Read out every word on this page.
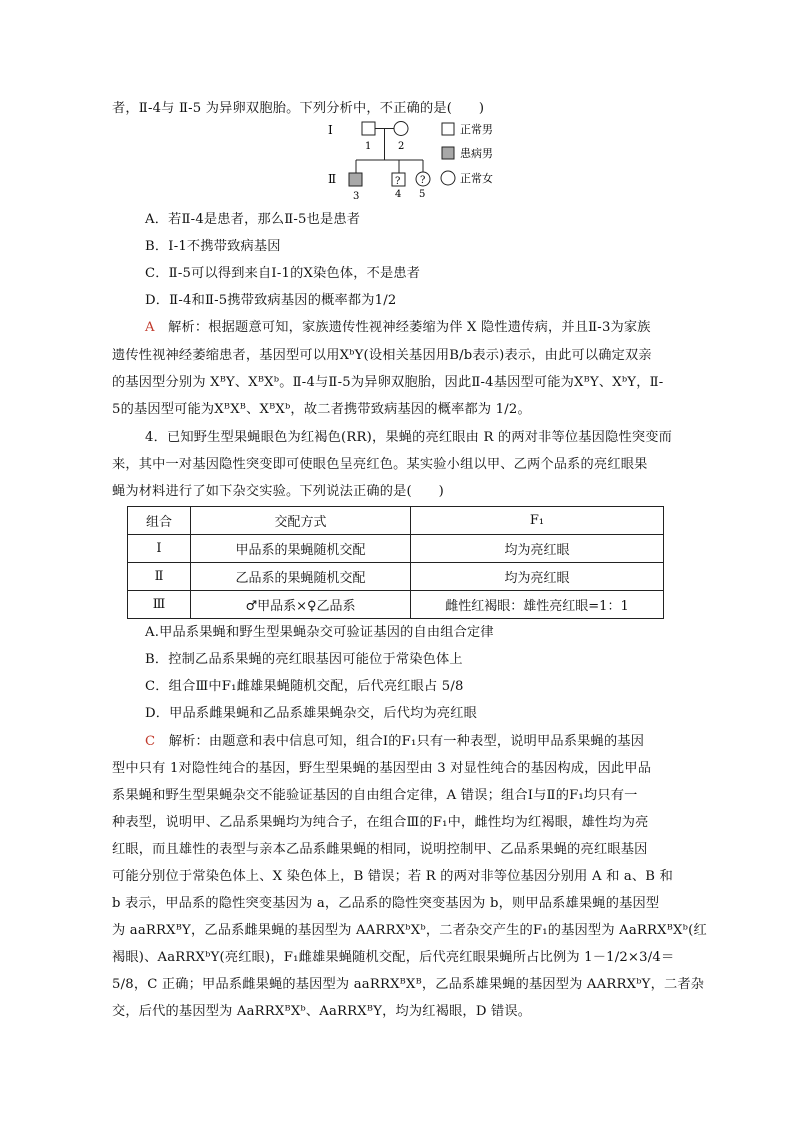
者，Ⅱ-4与 Ⅱ-5 为异卵双胞胎。下列分析中，不正确的是(　　)
Ⅰ
Ⅱ
1	2
? ?
3	4 5
正常男
患病男
正常女
A．若Ⅱ-4是患者，那么Ⅱ-5也是患者
B．Ⅰ-1不携带致病基因
C．Ⅱ-5可以得到来自Ⅰ-1的X染色体，不是患者
D．Ⅱ-4和Ⅱ-5携带致病基因的概率都为1/2
A　 解析：根据题意可知，家族遗传性视神经萎缩为伴 X 隐性遗传病，并且Ⅱ-3为家族
遗传性视神经萎缩患者，基因型可以用XᵇY(设相关基因用B/b表示)表示，由此可以确定双亲
的基因型分别为 XᴮY、XᴮXᵇ。Ⅱ-4与Ⅱ-5为异卵双胞胎，因此Ⅱ-4基因型可能为XᴮY、XᵇY，Ⅱ-
5的基因型可能为XᴮXᴮ、XᴮXᵇ，故二者携带致病基因的概率都为 1/2。
4．已知野生型果蝇眼色为红褐色(RR)，果蝇的亮红眼由 R 的两对非等位基因隐性突变而
来，其中一对基因隐性突变即可使眼色呈亮红色。某实验小组以甲、乙两个品系的亮红眼果
蝇为材料进行了如下杂交实验。下列说法正确的是(　　)
组合	交配方式	F₁
Ⅰ	甲品系的果蝇随机交配	均为亮红眼
Ⅱ	乙品系的果蝇随机交配	均为亮红眼
Ⅲ	♂甲品系×♀乙品系	雌性红褐眼：雄性亮红眼=1：1
A.甲品系果蝇和野生型果蝇杂交可验证基因的自由组合定律
B．控制乙品系果蝇的亮红眼基因可能位于常染色体上
C．组合Ⅲ中F₁雌雄果蝇随机交配，后代亮红眼占 5/8
D．甲品系雌果蝇和乙品系雄果蝇杂交，后代均为亮红眼
C　 解析：由题意和表中信息可知，组合Ⅰ的F₁只有一种表型，说明甲品系果蝇的基因
型中只有 1对隐性纯合的基因，野生型果蝇的基因型由 3 对显性纯合的基因构成，因此甲品
系果蝇和野生型果蝇杂交不能验证基因的自由组合定律，A 错误；组合Ⅰ与Ⅱ的F₁均只有一
种表型，说明甲、乙品系果蝇均为纯合子，在组合Ⅲ的F₁中，雌性均为红褐眼，雄性均为亮
红眼，而且雄性的表型与亲本乙品系雌果蝇的相同，说明控制甲、乙品系果蝇的亮红眼基因
可能分别位于常染色体上、X 染色体上，B 错误；若 R 的两对非等位基因分别用 A 和 a、B 和
b 表示，甲品系的隐性突变基因为 a，乙品系的隐性突变基因为 b，则甲品系雄果蝇的基因型
为 aaRRXᴮY，乙品系雌果蝇的基因型为 AARRXᵇXᵇ，二者杂交产生的F₁的基因型为 AaRRXᴮXᵇ(红
褐眼)、AaRRXᵇY(亮红眼)，F₁雌雄果蝇随机交配，后代亮红眼果蝇所占比例为 1－1/2×3/4＝
5/8，C 正确；甲品系雌果蝇的基因型为 aaRRXᴮXᴮ，乙品系雄果蝇的基因型为 AARRXᵇY，二者杂
交，后代的基因型为 AaRRXᴮXᵇ、AaRRXᴮY，均为红褐眼，D 错误。
